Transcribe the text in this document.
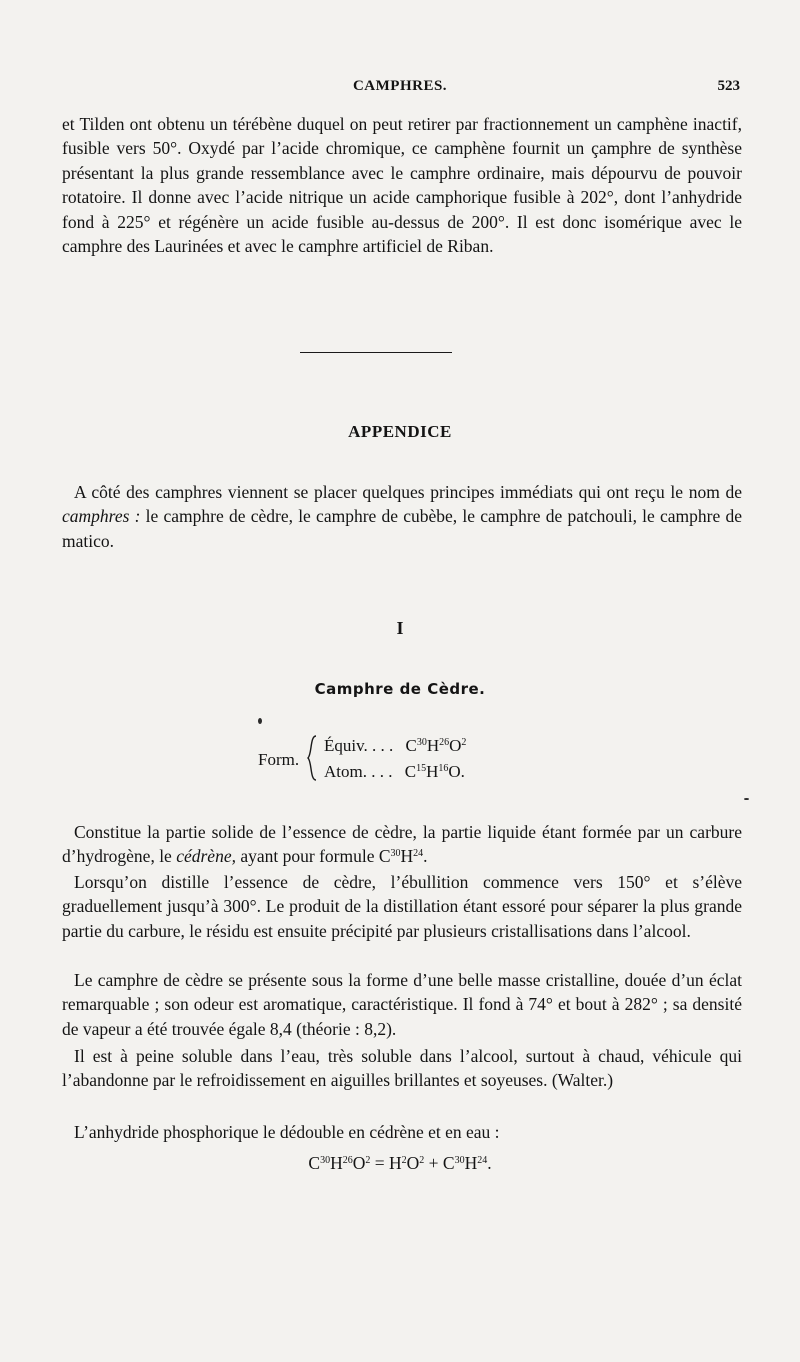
CAMPHRES.	523

et Tilden ont obtenu un térébène duquel on peut retirer par fractionnement un camphène inactif, fusible vers 50°. Oxydé par l’acide chromique, ce camphène fournit un çamphre de synthèse présentant la plus grande ressemblance avec le camphre ordinaire, mais dépourvu de pouvoir rotatoire. Il donne avec l’acide nitrique un acide camphorique fusible à 202°, dont l’anhydride fond à 225° et régénère un acide fusible au-dessus de 200°. Il est donc isomérique avec le camphre des Laurinées et avec le camphre artificiel de Riban.

APPENDICE

A côté des camphres viennent se placer quelques principes immédiats qui ont reçu le nom de camphres : le camphre de cèdre, le camphre de cubèbe, le camphre de patchouli, le camphre de matico.

I
Camphre de Cèdre.
Form.
Équiv. . . . $C^{30}H^{26}O^2$
Atom. . . . $C^{15}H^{16}O$.

Constitue la partie solide de l’essence de cèdre, la partie liquide étant formée par un carbure d’hydrogène, le cédrène, ayant pour formule $C^{30}H^{24}$.

Lorsqu’on distille l’essence de cèdre, l’ébullition commence vers 150° et s’élève graduellement jusqu’à 300°. Le produit de la distillation étant essoré pour séparer la plus grande partie du carbure, le résidu est ensuite précipité par plusieurs cristallisations dans l’alcool.

Le camphre de cèdre se présente sous la forme d’une belle masse cristalline, douée d’un éclat remarquable ; son odeur est aromatique, caractéristique. Il fond à 74° et bout à 282° ; sa densité de vapeur a été trouvée égale 8,4 (théorie : 8,2).

Il est à peine soluble dans l’eau, très soluble dans l’alcool, surtout à chaud, véhicule qui l’abandonne par le refroidissement en aiguilles brillantes et soyeuses. (Walter.)

L’anhydride phosphorique le dédouble en cédrène et en eau :

$C^{30}H^{26}O^2 = H^2O^2 + C^{30}H^{24}$.
